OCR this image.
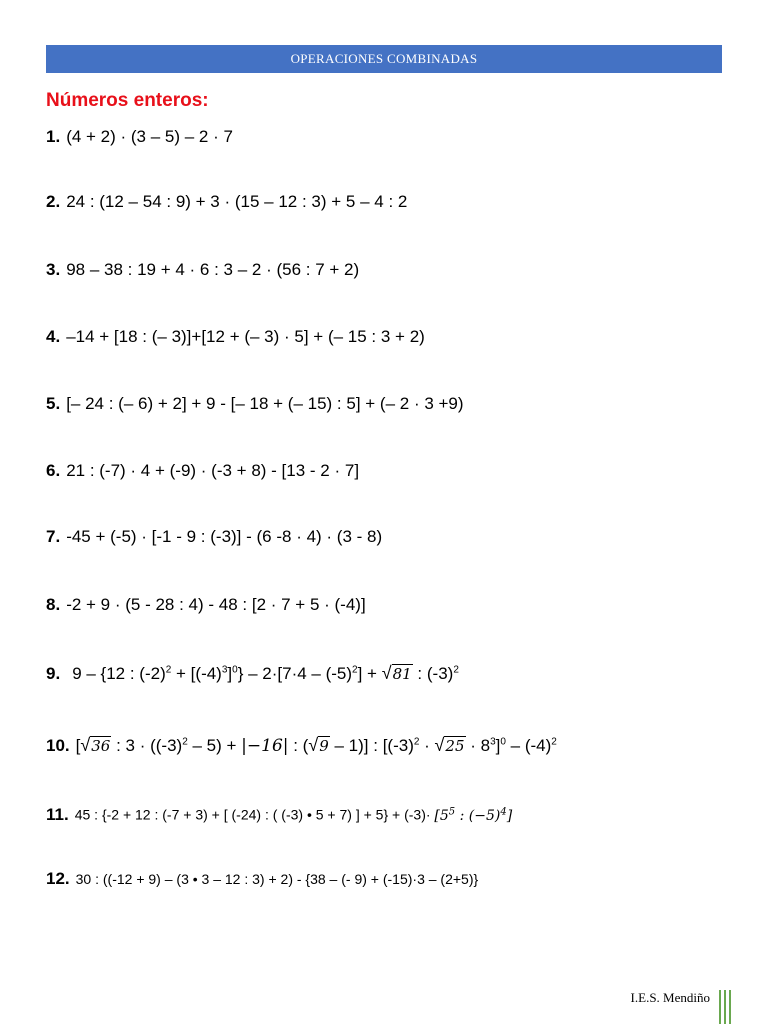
OPERACIONES COMBINADAS
Números enteros:
1. (4 + 2) · (3 – 5) – 2 · 7
2. 24 : (12 – 54 : 9) + 3 · (15 – 12 : 3) + 5 – 4 : 2
3. 98 – 38 : 19 + 4 · 6 : 3 – 2 · (56 : 7 + 2)
4. –14 + [18 : (– 3)]+[12 + (– 3) · 5] + (– 15 : 3 + 2)
5. [– 24 : (– 6) + 2] + 9 - [– 18 + (– 15) : 5] + (– 2 · 3 +9)
6. 21 : (-7) · 4 + (-9) · (-3 + 8) - [13 - 2 · 7]
7. -45 + (-5) · [-1 - 9 : (-3)] - (6 -8 · 4) · (3 - 8)
8. -2 + 9 · (5 - 28 : 4) - 48 : [2 · 7 + 5 · (-4)]
9. 9 – {12 : $(-2)^2 + [(-4)^3]^0\} - 2\cdot[7\cdot 4 - (-5)^2]$ + √ 81 : $(-3)^2$
10. [ √ 36 : $3 \cdot ((-3)^2 - 5) + |-16|$ : ( √ 9 – 1)] : [$(-3)^2$ · √ $25 \cdot 8^3]^0 - (-4)^2$
11. 45 : {-2 + 12 : (-7 + 3) + [ (-24) : ( (-3) • 5 + 7) ] + $5\} + (-3)\cdot [5^5$ : $(-5)^4$]
12. 30 : ((-12 + 9) – (3 • 3 – 12 : 3) + 2) - {38 – (- 9) + (-15)·3 – (2+5)}
I.E.S. Mendiño
